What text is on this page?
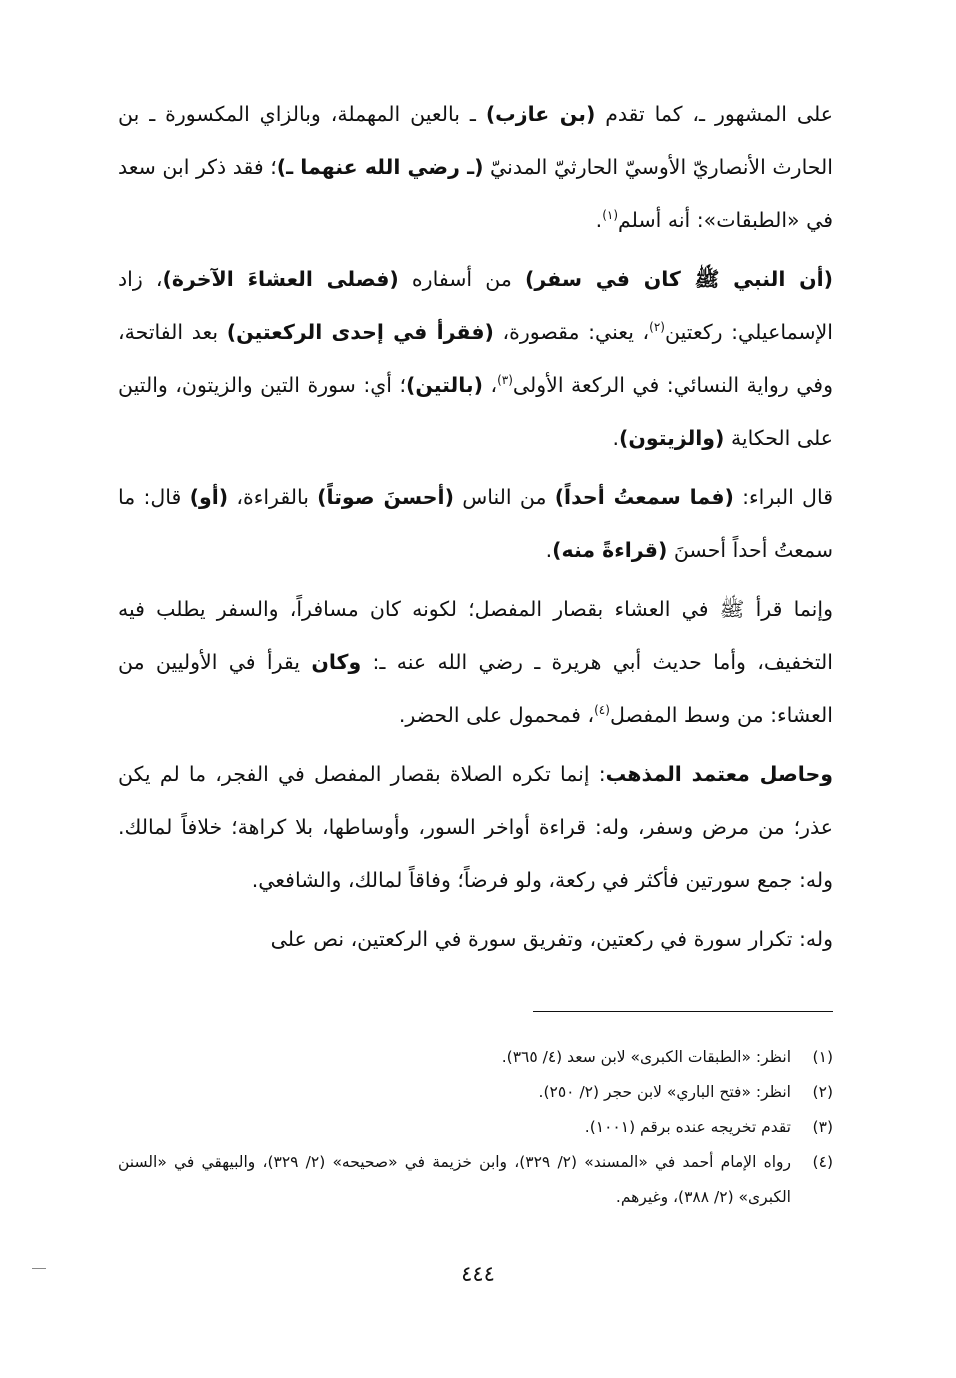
على المشهور ـ، كما تقدم (بن عازب) ـ بالعين المهملة، وبالزاي المكسورة ـ بن الحارث الأنصاريّ الأوسيّ الحارثيّ المدنيّ (ـ رضي الله عنهما ـ)؛ فقد ذكر ابن سعد في «الطبقات»: أنه أسلم$^{(١)}$.

(أن النبي ﷺ كان في سفر) من أسفاره (فصلى العشاءَ الآخرة)، زاد الإسماعيلي: ركعتين$^{(٢)}$، يعني: مقصورة، (فقرأ في إحدى الركعتين) بعد الفاتحة، وفي رواية النسائي: في الركعة الأولى$^{(٣)}$، (بالتين)؛ أي: سورة التين والزيتون، والتين على الحكاية (والزيتون).

قال البراء: (فما سمعتُ أحداً) من الناس (أحسنَ صوتاً) بالقراءة، (أو) قال: ما سمعتُ أحداً أحسنَ (قراءةً منه).

وإنما قرأ ﷺ في العشاء بقصار المفصل؛ لكونه كان مسافراً، والسفر يطلب فيه التخفيف، وأما حديث أبي هريرة ـ رضي الله عنه ـ: وكان يقرأ في الأوليين من العشاء: من وسط المفصل$^{(٤)}$، فمحمول على الحضر.

وحاصل معتمد المذهب: إنما تكره الصلاة بقصار المفصل في الفجر، ما لم يكن عذر؛ من مرض وسفر، وله: قراءة أواخر السور، وأوساطها، بلا كراهة؛ خلافاً لمالك. وله: جمع سورتين فأكثر في ركعة، ولو فرضاً؛ وفاقاً لمالك، والشافعي.

وله: تكرار سورة في ركعتين، وتفريق سورة في الركعتين، نص على

(١)
انظر: «الطبقات الكبرى» لابن سعد (٤/ ٣٦٥).
(٢)
انظر: «فتح الباري» لابن حجر (٢/ ٢٥٠).
(٣)
تقدم تخريجه عنده برقم (١٠٠١).
(٤)
رواه الإمام أحمد في «المسند» (٢/ ٣٢٩)، وابن خزيمة في «صحيحه» (٢/ ٣٢٩)، والبيهقي في «السنن الكبرى» (٢/ ٣٨٨)، وغيرهم.
٤٤٤
